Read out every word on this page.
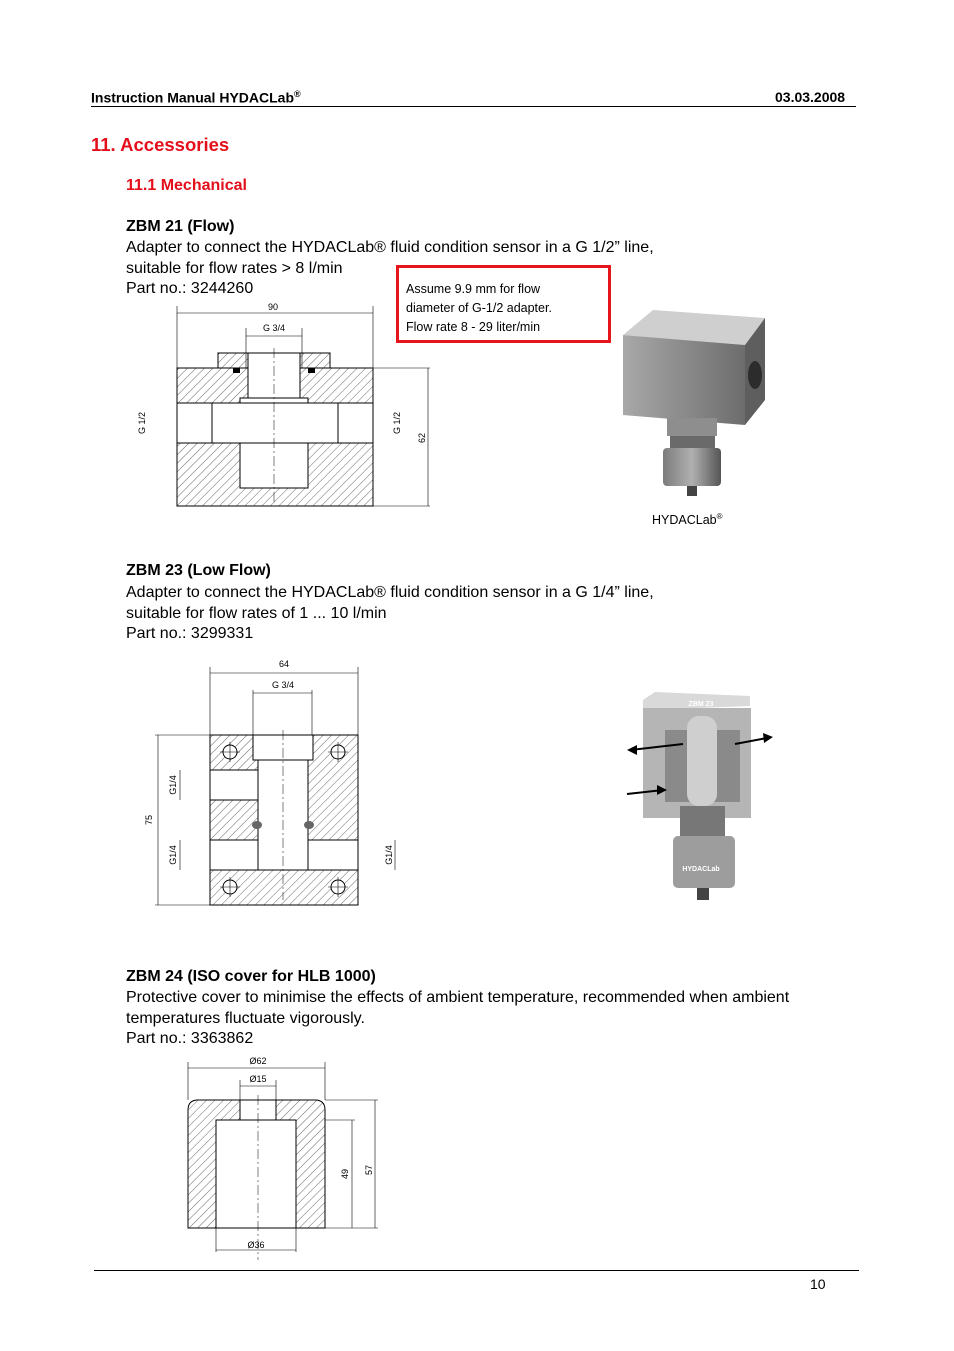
Instruction Manual HYDACLab®	03.03.2008
11. Accessories
11.1 Mechanical
ZBM 21 (Flow)
Adapter to connect the HYDACLab® fluid condition sensor in a G 1/2” line,
suitable for flow rates > 8 l/min
Part no.: 3244260	Assume 9.9 mm for flow
diameter of G-1/2 adapter.
Flow rate 8 - 29 liter/min
90
G 3/4
G 1/2	G 1/2
62
HYDACLab®
ZBM 23 (Low Flow)
Adapter to connect the HYDACLab® fluid condition sensor in a G 1/4” line,
suitable for flow rates of 1 ... 10 l/min
Part no.: 3299331
64
G 3/4
75
G1/4
G1/4	G1/4
ZBM 23
HYDACLab
ZBM 24 (ISO cover for HLB 1000)
Protective cover to minimise the effects of ambient temperature, recommended when ambient
temperatures fluctuate vigorously.
Part no.: 3363862
Ø62
Ø15
49 57
Ø36
10
